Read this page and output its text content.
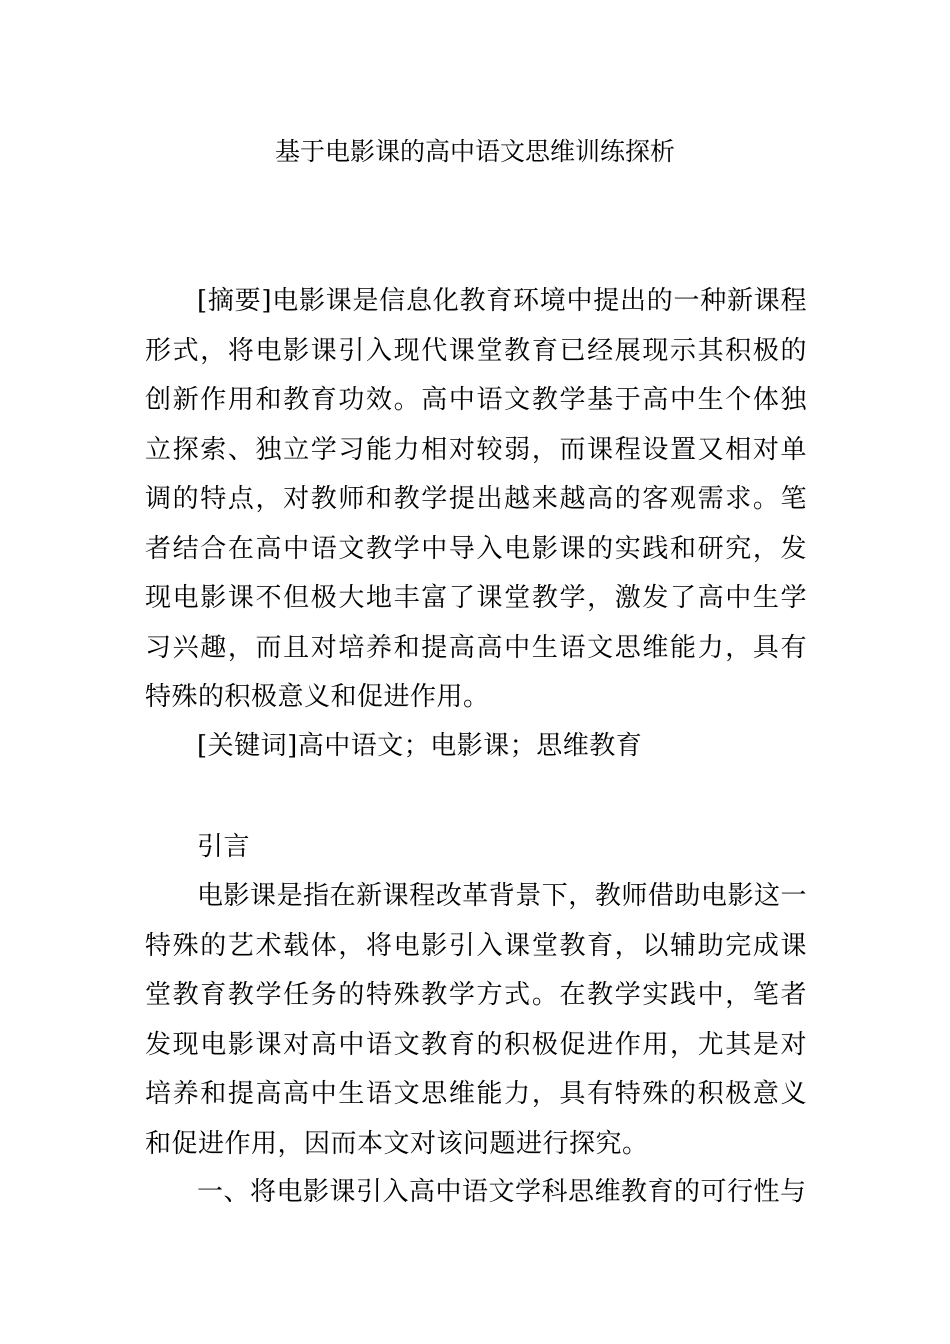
基于电影课的高中语文思维训练探析
[摘要]电影课是信息化教育环境中提出的一种新课程形式，将电影课引入现代课堂教育已经展现示其积极的创新作用和教育功效。高中语文教学基于高中生个体独立探索、独立学习能力相对较弱，而课程设置又相对单调的特点，对教师和教学提出越来越高的客观需求。笔者结合在高中语文教学中导入电影课的实践和研究，发现电影课不但极大地丰富了课堂教学，激发了高中生学习兴趣，而且对培养和提高高中生语文思维能力，具有特殊的积极意义和促进作用。
[关键词]高中语文；电影课；思维教育
引言
电影课是指在新课程改革背景下，教师借助电影这一特殊的艺术载体，将电影引入课堂教育，以辅助完成课堂教育教学任务的特殊教学方式。在教学实践中，笔者发现电影课对高中语文教育的积极促进作用，尤其是对培养和提高高中生语文思维能力，具有特殊的积极意义和促进作用，因而本文对该问题进行探究。
一、将电影课引入高中语文学科思维教育的可行性与
